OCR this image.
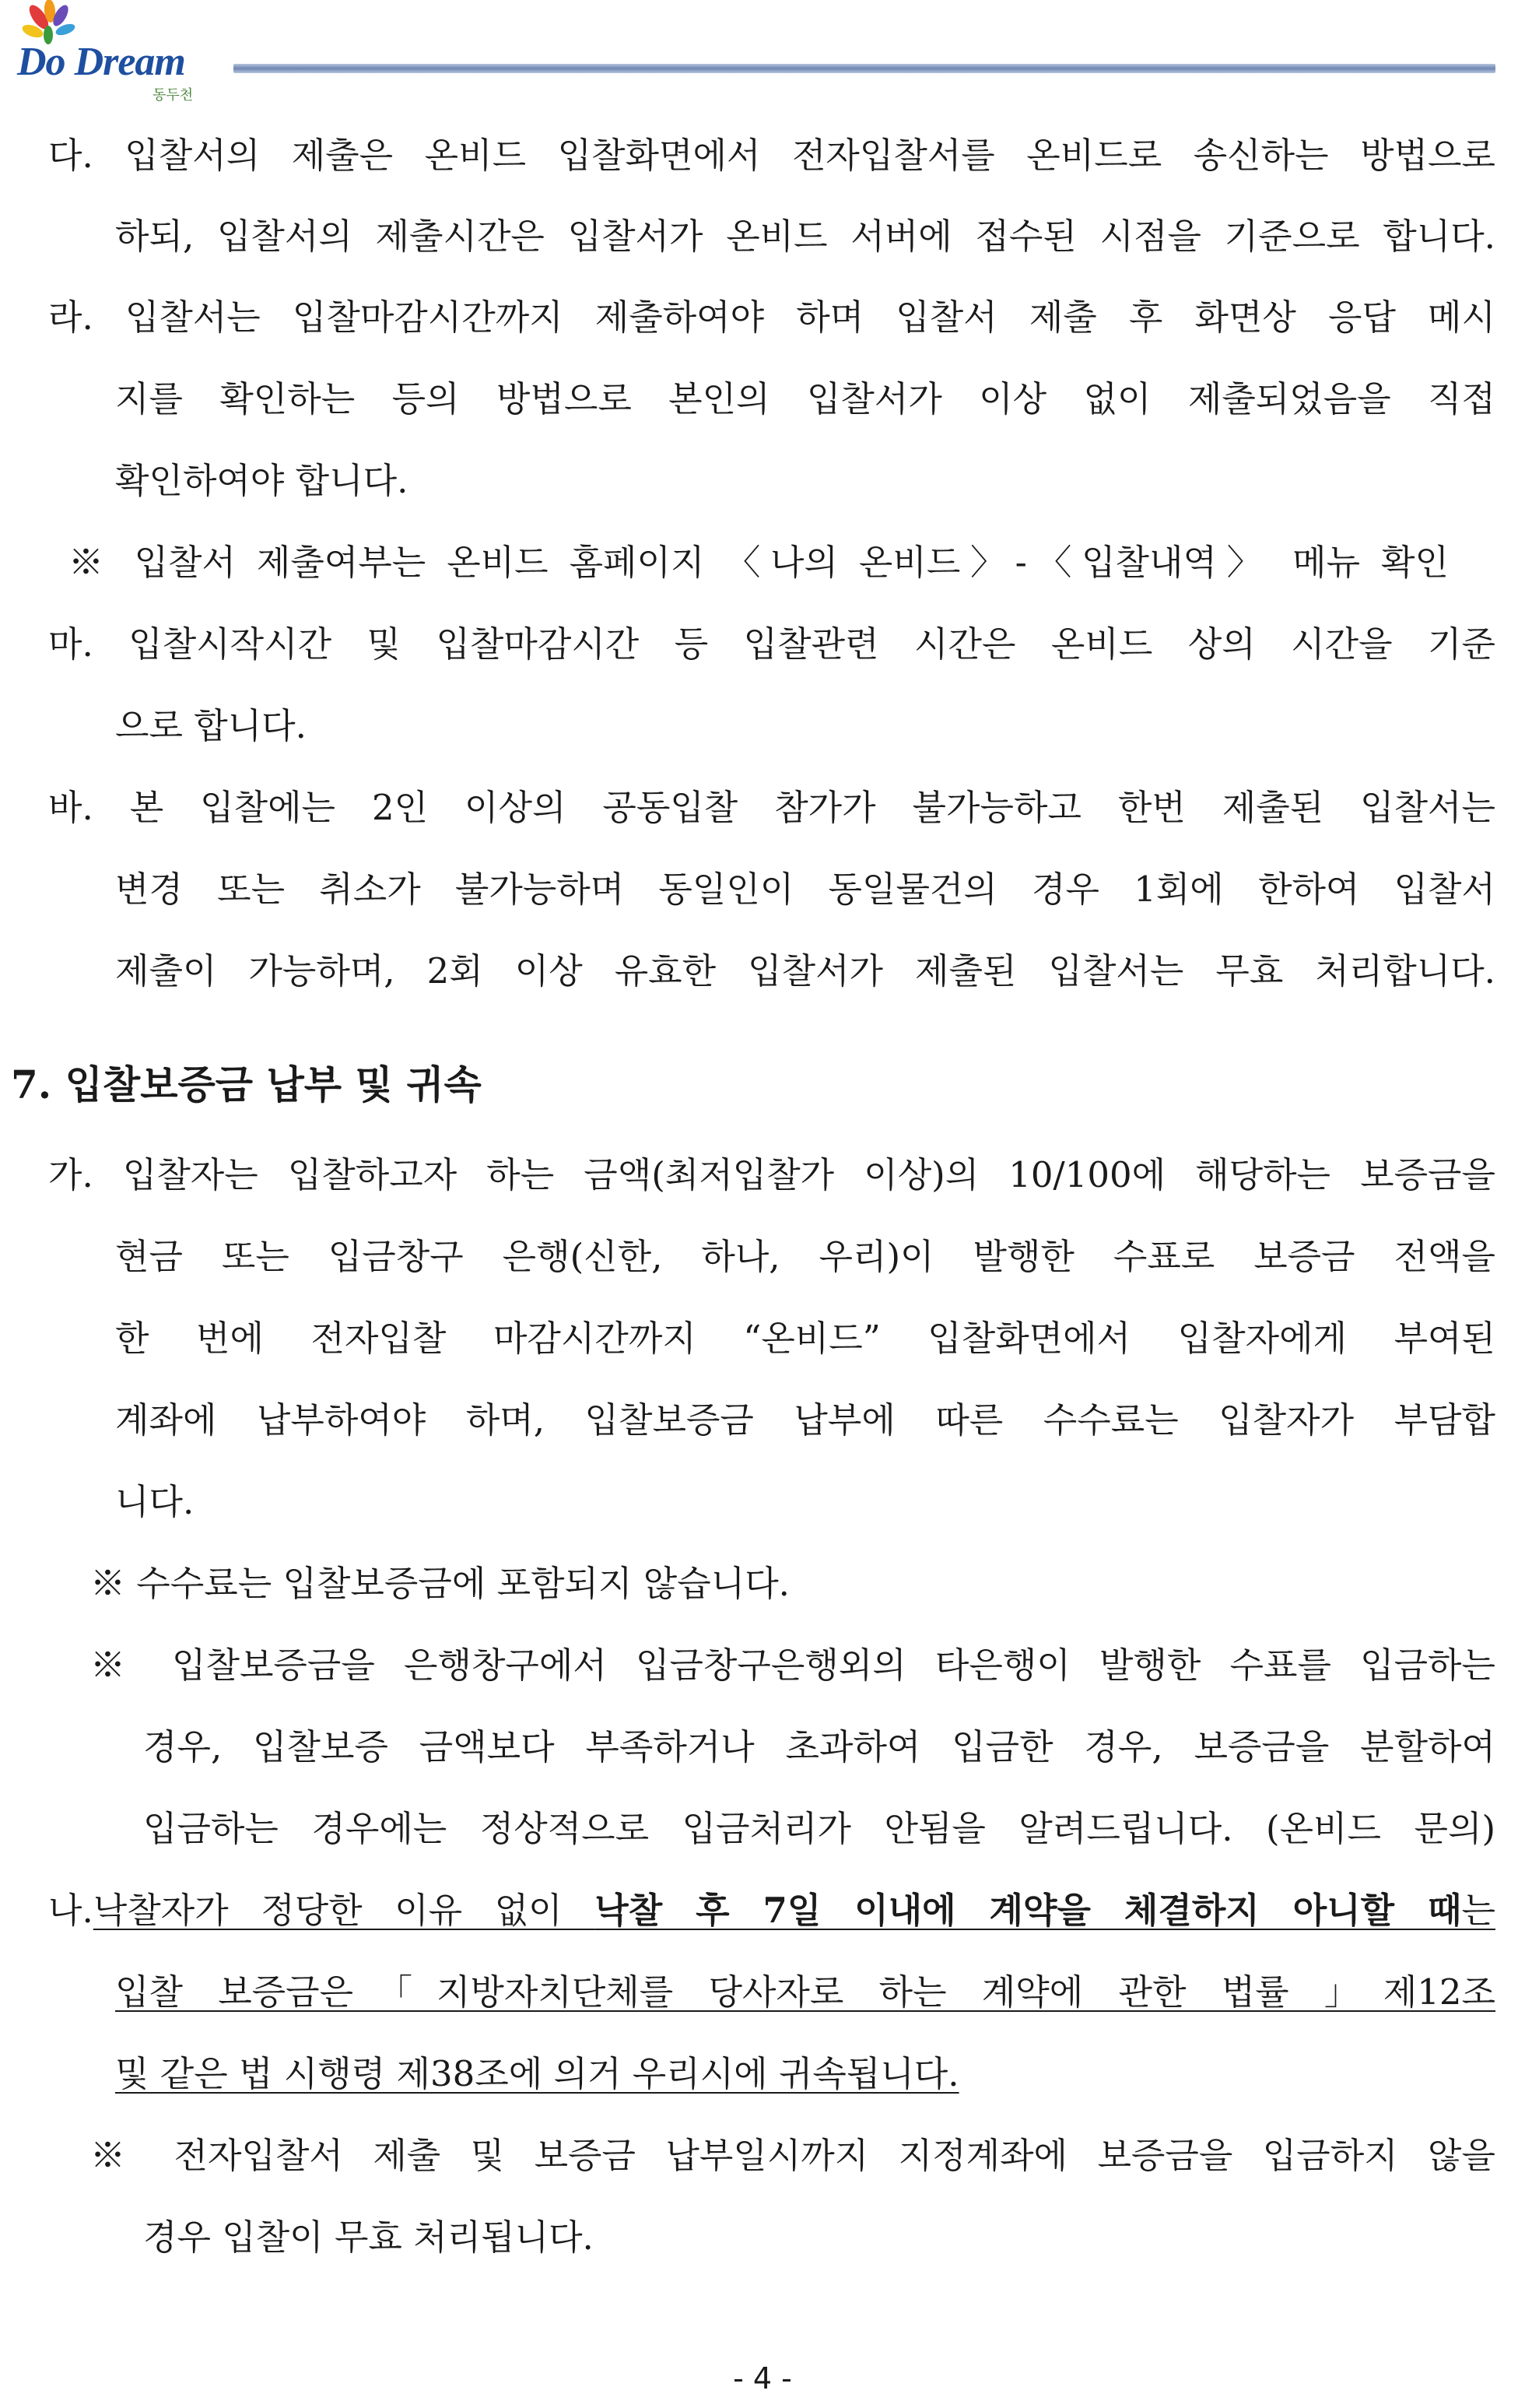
Do Dream
동두천
다. 입찰서의 제출은 온비드 입찰화면에서 전자입찰서를 온비드로 송신하는 방법으로
하되, 입찰서의 제출시간은 입찰서가 온비드 서버에 접수된 시점을 기준으로 합니다.
라. 입찰서는 입찰마감시간까지 제출하여야 하며 입찰서 제출 후 화면상 응답 메시
지를 확인하는 등의 방법으로 본인의 입찰서가 이상 없이 제출되었음을 직접
확인하여야 합니다.
※ 입찰서 제출여부는 온비드 홈페이지 〈나의 온비드〉-〈입찰내역〉 메뉴 확인
마. 입찰시작시간 및 입찰마감시간 등 입찰관련 시간은 온비드 상의 시간을 기준
으로 합니다.
바. 본 입찰에는 2인 이상의 공동입찰 참가가 불가능하고 한번 제출된 입찰서는
변경 또는 취소가 불가능하며 동일인이 동일물건의 경우 1회에 한하여 입찰서
제출이 가능하며, 2회 이상 유효한 입찰서가 제출된 입찰서는 무효 처리합니다.
7. 입찰보증금 납부 및 귀속
가. 입찰자는 입찰하고자 하는 금액(최저입찰가 이상)의 10/100에 해당하는 보증금을
현금 또는 입금창구 은행(신한, 하나, 우리)이 발행한 수표로 보증금 전액을
한 번에 전자입찰 마감시간까지 “온비드” 입찰화면에서 입찰자에게 부여된
계좌에 납부하여야 하며, 입찰보증금 납부에 따른 수수료는 입찰자가 부담합
니다.
※ 수수료는 입찰보증금에 포함되지 않습니다.
※ 입찰보증금을 은행창구에서 입금창구은행외의 타은행이 발행한 수표를 입금하는
경우, 입찰보증 금액보다 부족하거나 초과하여 입금한 경우, 보증금을 분할하여
입금하는 경우에는 정상적으로 입금처리가 안됨을 알려드립니다. (온비드 문의)
나. 낙찰자가 정당한 이유 없이 낙찰 후 7일 이내에 계약을 체결하지 아니할 때는
입찰 보증금은「지방자치단체를 당사자로 하는 계약에 관한 법률 」제12조
및 같은 법 시행령 제38조에 의거 우리시에 귀속됩니다.
※ 전자입찰서 제출 및 보증금 납부일시까지 지정계좌에 보증금을 입금하지 않을
경우 입찰이 무효 처리됩니다.
- 4 -
